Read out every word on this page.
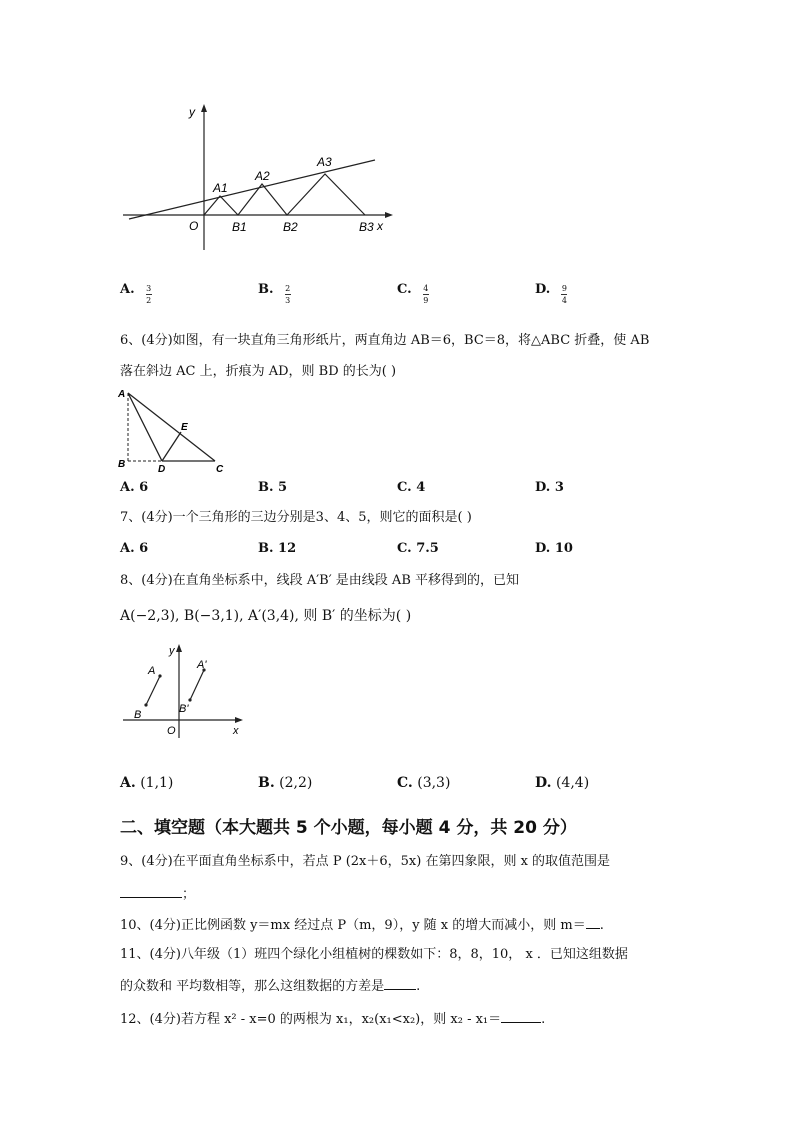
y
x
O
A1
A2
A3
B1	B2	B3
A. $\frac{3}{2}$	B. $\frac{2}{3}$	C. $\frac{4}{9}$	D. $\frac{9}{4}$
6、(4分)如图，有一块直角三角形纸片，两直角边 AB＝6，BC＝8，将△ABC 折叠，使 AB
落在斜边 AC 上，折痕为 AD，则 BD 的长为( )
A
B	D	C
E
A. 6	B. 5	C. 4	D. 3
7、(4分)一个三角形的三边分别是3、4、5，则它的面积是( )
A. 6	B. 12	C. 7.5	D. 10
8、(4分)在直角坐标系中，线段 A′B′ 是由线段 AB 平移得到的，已知
A(−2,3), B(−3,1), A′(3,4), 则 B′ 的坐标为( )
y
x
O
A
B
A'
B'
A. (1,1)	B. (2,2)	C. (3,3)	D. (4,4)
二、填空题（本大题共 5 个小题，每小题 4 分，共 20 分）
9、(4分)在平面直角坐标系中，若点 P (2x＋6，5x) 在第四象限，则 x 的取值范围是
；
10、(4分)正比例函数 y＝mx 经过点 P（m，9），y 随 x 的增大而减小，则 m＝ .
11、(4分)八年级（1）班四个绿化小组植树的棵数如下：8，8，10， x ．已知这组数据
的众数和 平均数相等，那么这组数据的方差是 .
12、(4分)若方程 x² - x=0 的两根为 x₁，x₂(x₁<x₂)，则 x₂ - x₁＝	.
